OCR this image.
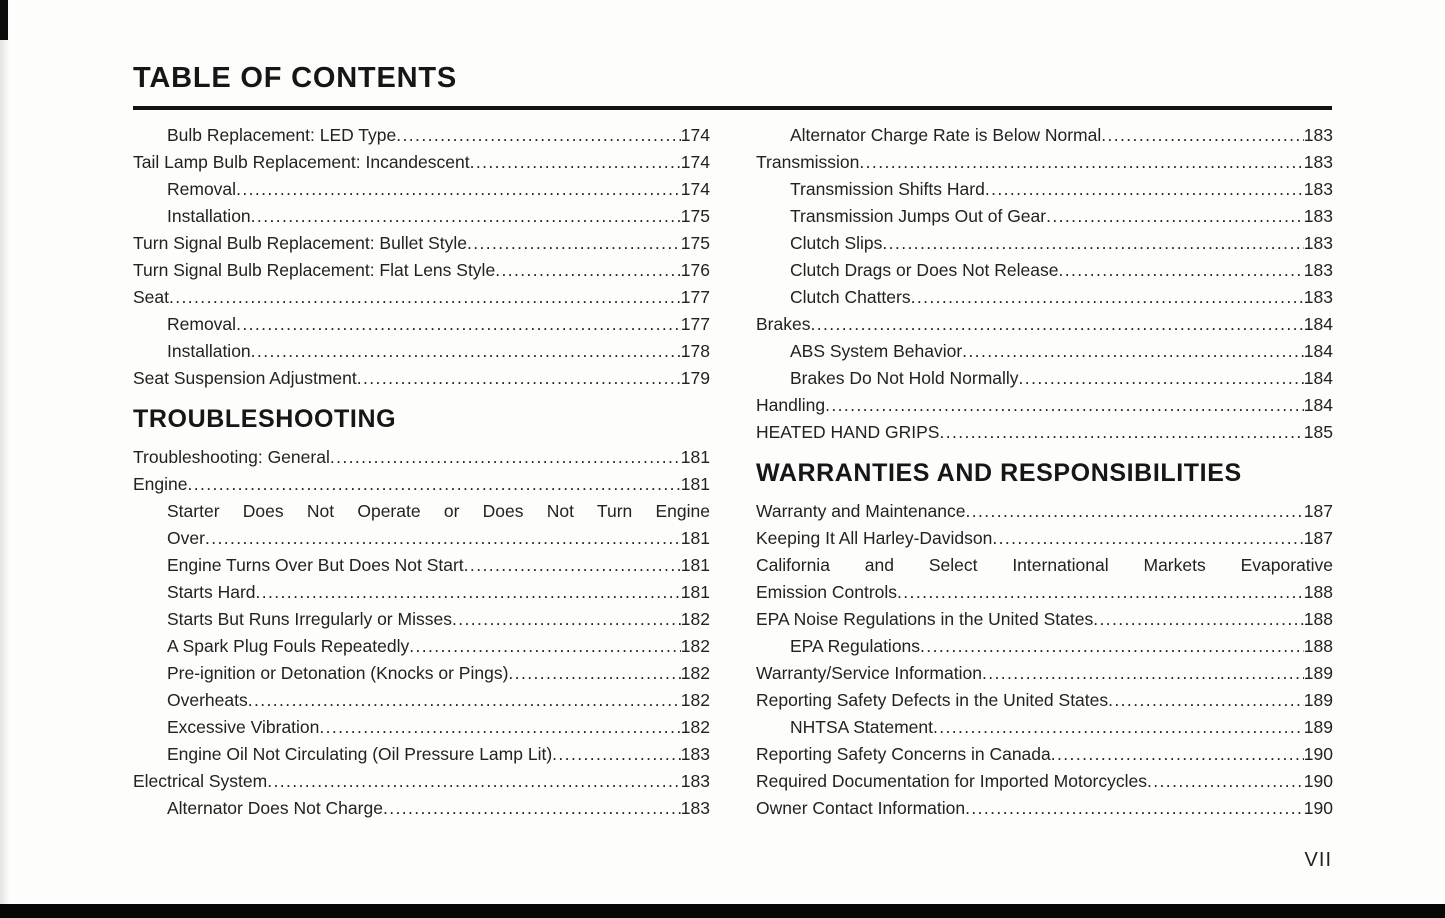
TABLE OF CONTENTS
Bulb Replacement: LED Type .....	174
Tail Lamp Bulb Replacement: Incandescent .....	174
Removal .....	174
Installation .....	175
Turn Signal Bulb Replacement: Bullet Style .....	175
Turn Signal Bulb Replacement: Flat Lens Style .....	176
Seat .....	177
Removal .....	177
Installation .....	178
Seat Suspension Adjustment .....	179
TROUBLESHOOTING
Troubleshooting: General .....	181
Engine .....	181
Starter Does Not Operate or Does Not Turn Engine
Over .....	181
Engine Turns Over But Does Not Start .....	181
Starts Hard .....	181
Starts But Runs Irregularly or Misses .....	182
A Spark Plug Fouls Repeatedly .....	182
Pre-ignition or Detonation (Knocks or Pings) .....	182
Overheats .....	182
Excessive Vibration .....	182
Engine Oil Not Circulating (Oil Pressure Lamp Lit) .....	183
Electrical System .....	183
Alternator Does Not Charge .....	183
Alternator Charge Rate is Below Normal .....	183
Transmission .....	183
Transmission Shifts Hard .....	183
Transmission Jumps Out of Gear .....	183
Clutch Slips .....	183
Clutch Drags or Does Not Release .....	183
Clutch Chatters .....	183
Brakes .....	184
ABS System Behavior .....	184
Brakes Do Not Hold Normally .....	184
Handling .....	184
HEATED HAND GRIPS .....	185
WARRANTIES AND RESPONSIBILITIES
Warranty and Maintenance .....	187
Keeping It All Harley-Davidson .....	187
California and Select International Markets Evaporative
Emission Controls .....	188
EPA Noise Regulations in the United States .....	188
EPA Regulations .....	188
Warranty/Service Information .....	189
Reporting Safety Defects in the United States .....	189
NHTSA Statement .....	189
Reporting Safety Concerns in Canada .....	190
Required Documentation for Imported Motorcycles .....	190
Owner Contact Information .....	190
VII
